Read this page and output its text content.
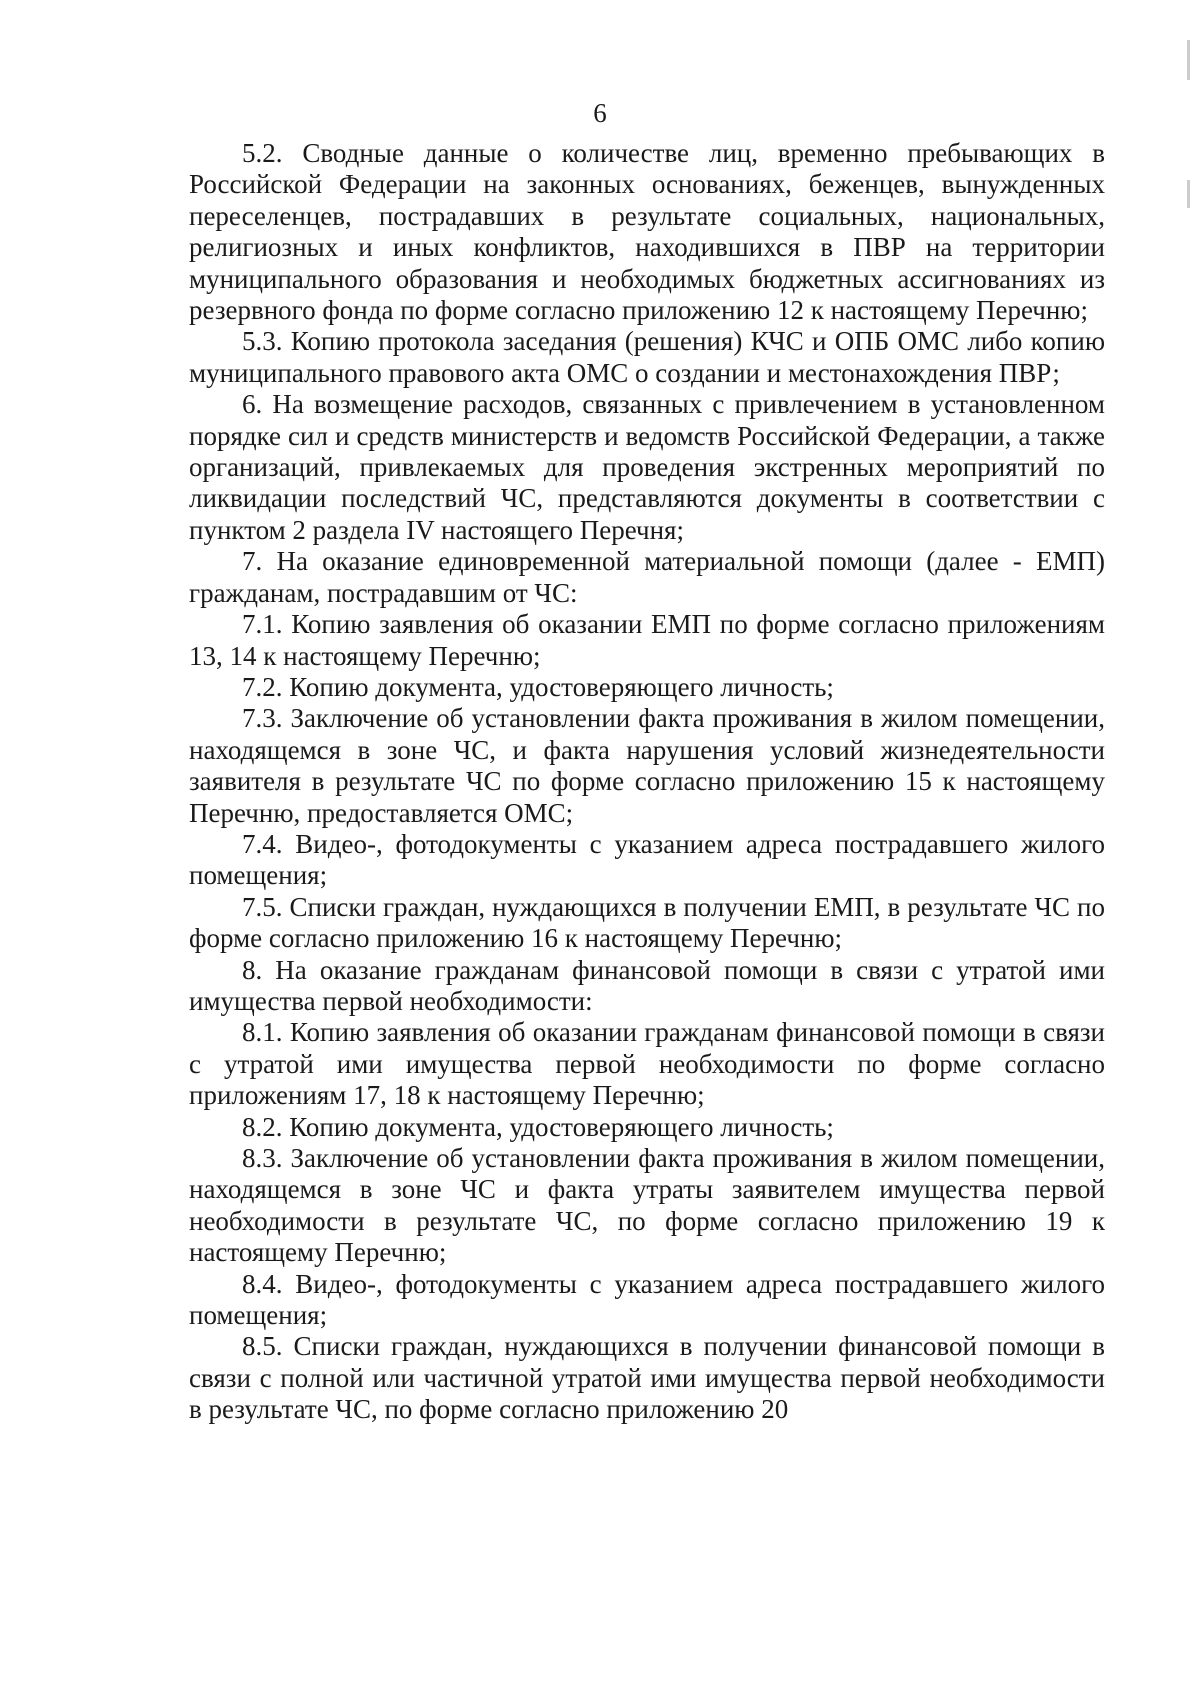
6

5.2. Сводные данные о количестве лиц, временно пребывающих в Российской Федерации на законных основаниях, беженцев, вынужденных переселенцев, пострадавших в результате социальных, национальных, религиозных и иных конфликтов, находившихся в ПВР на территории муниципального образования и необходимых бюджетных ассигнованиях из резервного фонда по форме согласно приложению 12 к настоящему Перечню;

5.3. Копию протокола заседания (решения) КЧС и ОПБ ОМС либо копию муниципального правового акта ОМС о создании и местонахождения ПВР;

6. На возмещение расходов, связанных с привлечением в установленном порядке сил и средств министерств и ведомств Российской Федерации, а также организаций, привлекаемых для проведения экстренных мероприятий по ликвидации последствий ЧС, представляются документы в соответствии с пунктом 2 раздела IV настоящего Перечня;

7. На оказание единовременной материальной помощи (далее - ЕМП) гражданам, пострадавшим от ЧС:

7.1. Копию заявления об оказании ЕМП по форме согласно приложениям 13, 14 к настоящему Перечню;

7.2. Копию документа, удостоверяющего личность;

7.3. Заключение об установлении факта проживания в жилом помещении, находящемся в зоне ЧС, и факта нарушения условий жизнедеятельности заявителя в результате ЧС по форме согласно приложению 15 к настоящему Перечню, предоставляется ОМС;

7.4. Видео-, фотодокументы с указанием адреса пострадавшего жилого помещения;

7.5. Списки граждан, нуждающихся в получении ЕМП, в результате ЧС по форме согласно приложению 16 к настоящему Перечню;

8. На оказание гражданам финансовой помощи в связи с утратой ими имущества первой необходимости:

8.1. Копию заявления об оказании гражданам финансовой помощи в связи с утратой ими имущества первой необходимости по форме согласно приложениям 17, 18 к настоящему Перечню;

8.2. Копию документа, удостоверяющего личность;

8.3. Заключение об установлении факта проживания в жилом помещении, находящемся в зоне ЧС и факта утраты заявителем имущества первой необходимости в результате ЧС, по форме согласно приложению 19 к настоящему Перечню;

8.4. Видео-, фотодокументы с указанием адреса пострадавшего жилого помещения;

8.5. Списки граждан, нуждающихся в получении финансовой помощи в связи с полной или частичной утратой ими имущества первой необходимости в результате ЧС, по форме согласно приложению 20
